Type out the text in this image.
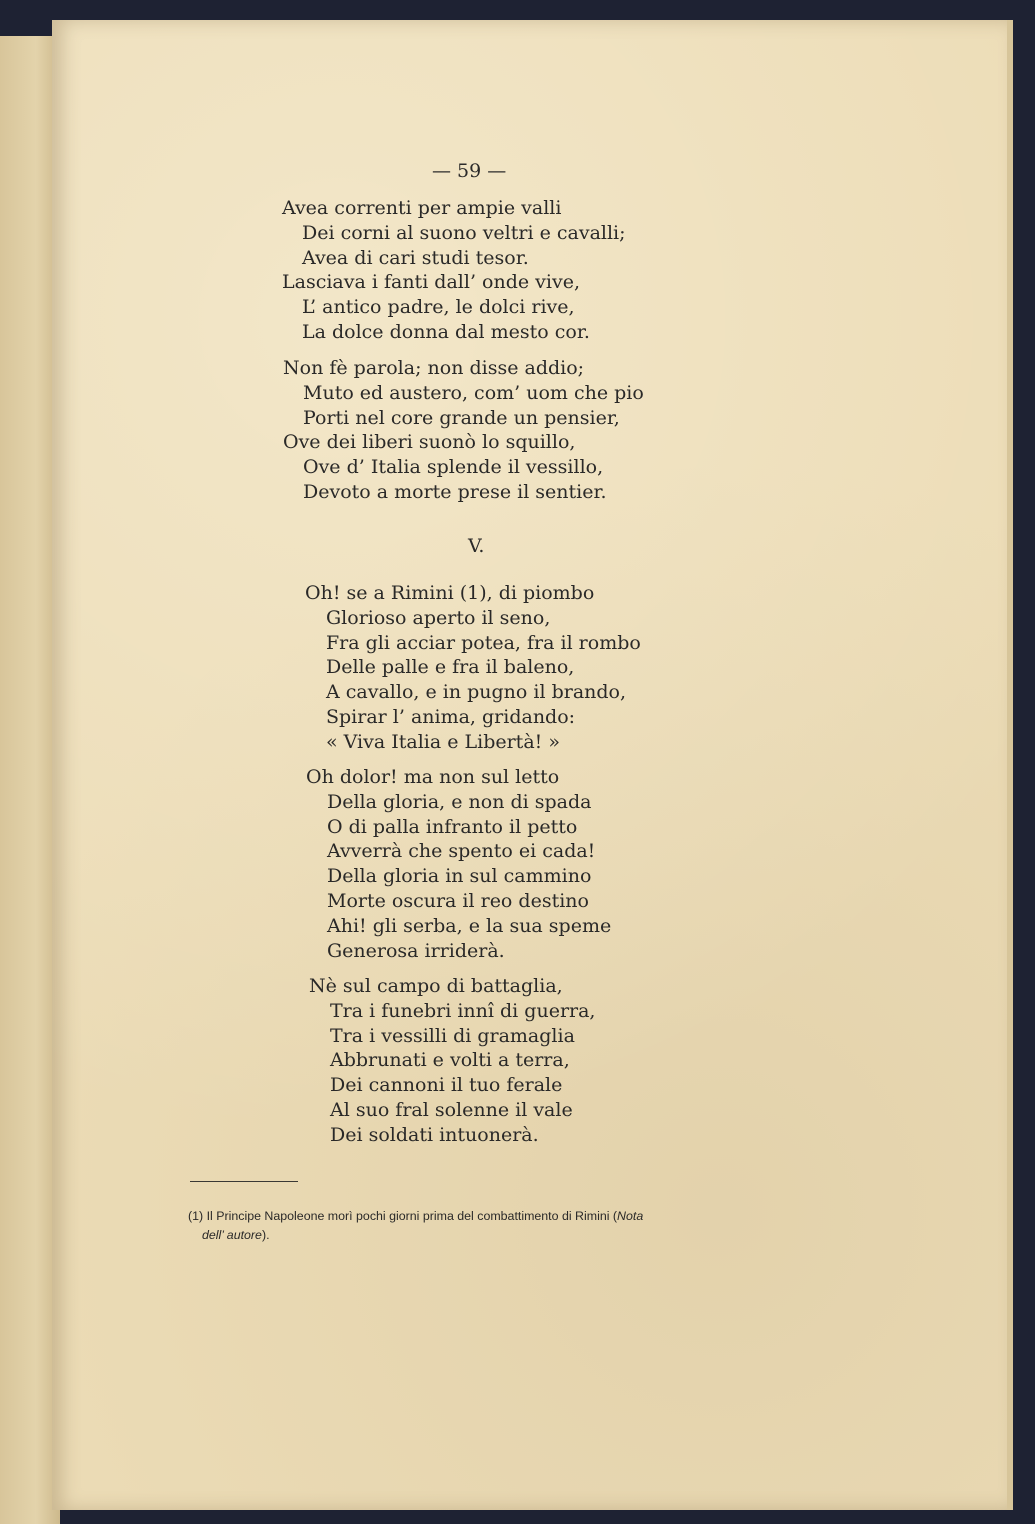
— 59 —
Avea correnti per ampie valli
Dei corni al suono veltri e cavalli;
Avea di cari studi tesor.
Lasciava i fanti dall’ onde vive,
L’ antico padre, le dolci rive,
La dolce donna dal mesto cor.
Non fè parola; non disse addio;
Muto ed austero, com’ uom che pio
Porti nel core grande un pensier,
Ove dei liberi suonò lo squillo,
Ove d’ Italia splende il vessillo,
Devoto a morte prese il sentier.
V.
Oh! se a Rimini (1), di piombo
Glorioso aperto il seno,
Fra gli acciar potea, fra il rombo
Delle palle e fra il baleno,
A cavallo, e in pugno il brando,
Spirar l’ anima, gridando:
« Viva Italia e Libertà! »
Oh dolor! ma non sul letto
Della gloria, e non di spada
O di palla infranto il petto
Avverrà che spento ei cada!
Della gloria in sul cammino
Morte oscura il reo destino
Ahi! gli serba, e la sua speme
Generosa irriderà.
Nè sul campo di battaglia,
Tra i funebri innî di guerra,
Tra i vessilli di gramaglia
Abbrunati e volti a terra,
Dei cannoni il tuo ferale
Al suo fral solenne il vale
Dei soldati intuonerà.
(1) Il Principe Napoleone morì pochi giorni prima del combattimento di Rimini (Nota
dell’ autore).
